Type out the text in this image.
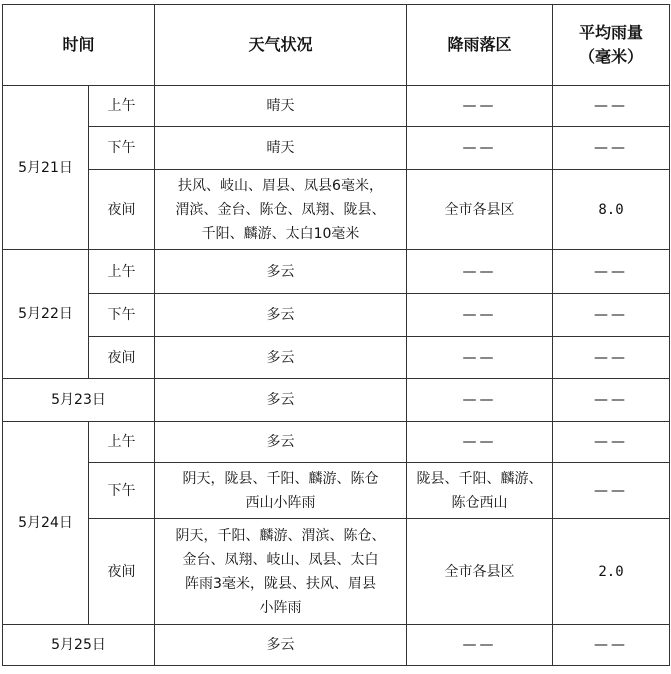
时间		天气状况	降雨落区	平均雨量
（毫米）
5月21日	上午	晴天	——	——
	下午	晴天	——	——
	夜间	扶风、岐山、眉县、凤县6毫米，
渭滨、金台、陈仓、凤翔、陇县、
千阳、麟游、太白10毫米	全市各县区	8.0
5月22日	上午	多云	——	——
	下午	多云	——	——
	夜间	多云	——	——
5月23日		多云	——	——
5月24日	上午	多云	——	——
	下午	阴天，陇县、千阳、麟游、陈仓
西山小阵雨	陇县、千阳、麟游、
陈仓西山	——
	夜间	阴天，千阳、麟游、渭滨、陈仓、
金台、凤翔、岐山、凤县、太白
阵雨3毫米，陇县、扶风、眉县
小阵雨	全市各县区	2.0
5月25日		多云	——	——
